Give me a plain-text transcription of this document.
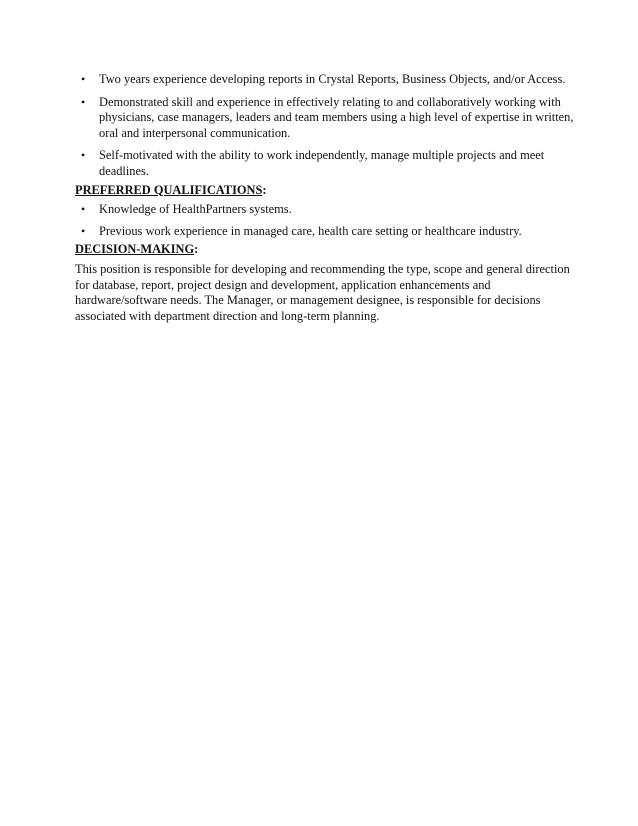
• Two years experience developing reports in Crystal Reports, Business Objects, and/or Access.
• Demonstrated skill and experience in effectively relating to and collaboratively working with physicians, case managers, leaders and team members using a high level of expertise in written, oral and interpersonal communication.
• Self-motivated with the ability to work independently, manage multiple projects and meet deadlines.
PREFERRED QUALIFICATIONS:
• Knowledge of HealthPartners systems.
• Previous work experience in managed care, health care setting or healthcare industry.
DECISION-MAKING:

This position is responsible for developing and recommending the type, scope and general direction for database, report, project design and development, application enhancements and hardware/software needs. The Manager, or management designee, is responsible for decisions associated with department direction and long-term planning.
